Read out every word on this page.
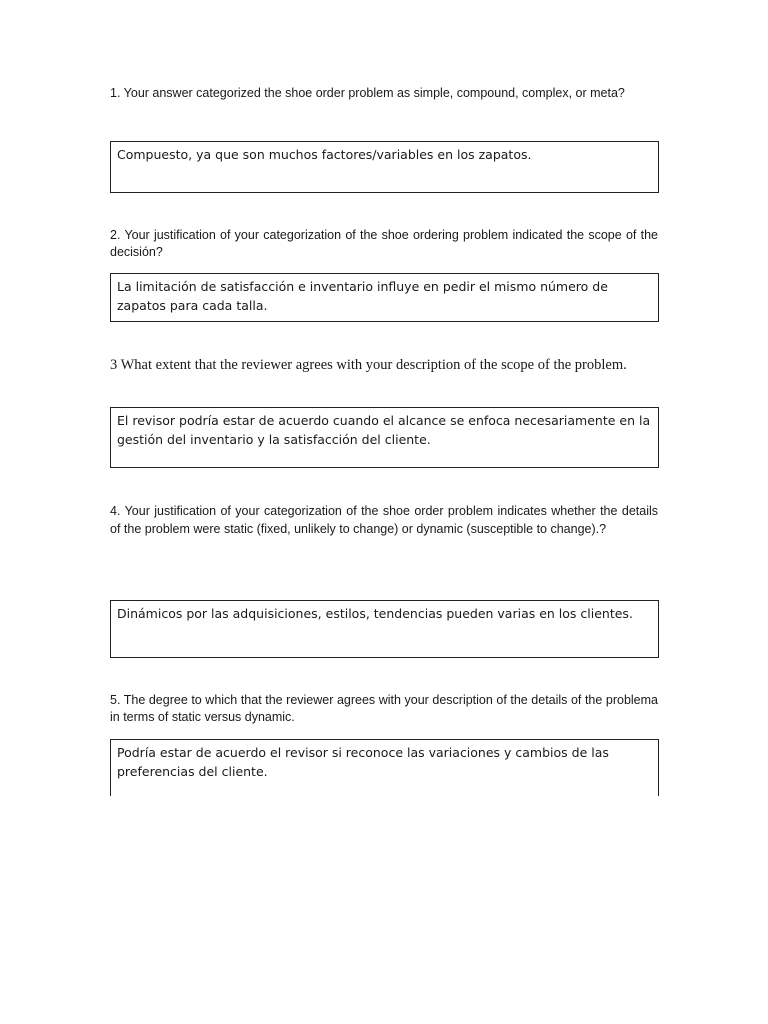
1. Your answer categorized the shoe order problem as simple, compound, complex, or meta?

Compuesto, ya que son muchos factores/variables en los zapatos.

2. Your justification of your categorization of the shoe ordering problem indicated the scope of the decisión?

La limitación de satisfacción e inventario influye en pedir el mismo número de zapatos para cada talla.

3 What extent that the reviewer agrees with your description of the scope of the problem.

El revisor podría estar de acuerdo cuando el alcance se enfoca necesariamente en la gestión del inventario y la satisfacción del cliente.

4. Your justification of your categorization of the shoe order problem indicates whether the details of the problem were static (fixed, unlikely to change) or dynamic (susceptible to change).?

Dinámicos por las adquisiciones, estilos, tendencias pueden varias en los clientes.

5. The degree to which that the reviewer agrees with your description of the details of the problema in terms of static versus dynamic.

Podría estar de acuerdo el revisor si reconoce las variaciones y cambios de las preferencias del cliente.
